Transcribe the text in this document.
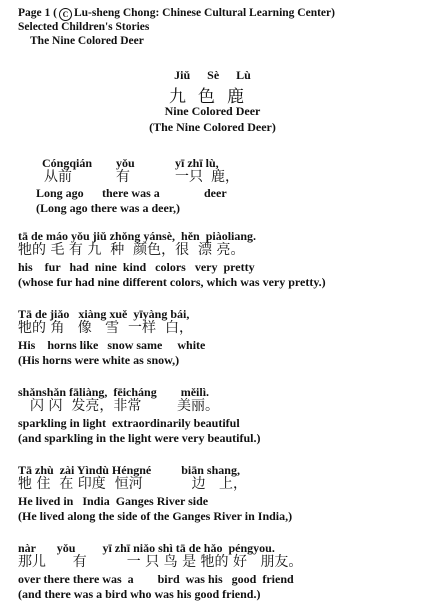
Page 1 ( C Lu-sheng Chong: Chinese Cultural Learning Center)
Selected Children's Stories
The Nine Colored Deer
Jiǔ Sè Lù
九色鹿
Nine Colored Deer
(The Nine Colored Deer)
Cóngqián yǒu	yī zhī lù,
从前	有	一只 鹿，
Long ago there was a	deer
(Long ago there was a deer,)
tā de máo yǒu jiǔ zhǒng yánsè,  hěn  piàoliang.
牠的 毛 有 九  种  颜色，很  漂 亮。
his    fur   had  nine  kind   colors   very  pretty
(whose fur had nine different colors, which was very pretty.)
Tā de jiǎo   xiàng xuě  yīyàng bái,
牠的 角   像   雪  一样  白，
His    horns like   snow same     white
(His horns were white as snow,)
shǎnshǎn fāliàng,  fēicháng        měilì.
闪 闪  发亮，非常        美丽。
sparkling in light  extraordinarily beautiful
(and sparkling in the light were very beautiful.)
Tā zhù  zài Yìndù Héngné          biān shang,
牠 住  在 印度  恒河           边   上，
He lived in   India  Ganges River side
(He lived along the side of the Ganges River in India,)
nàr       yǒu         yī zhī niǎo shì tā de hǎo  péngyou.
那儿      有         一 只 鸟 是 牠的 好   朋友。
over there there was  a        bird  was his   good  friend
(and there was a bird who was his good friend.)
